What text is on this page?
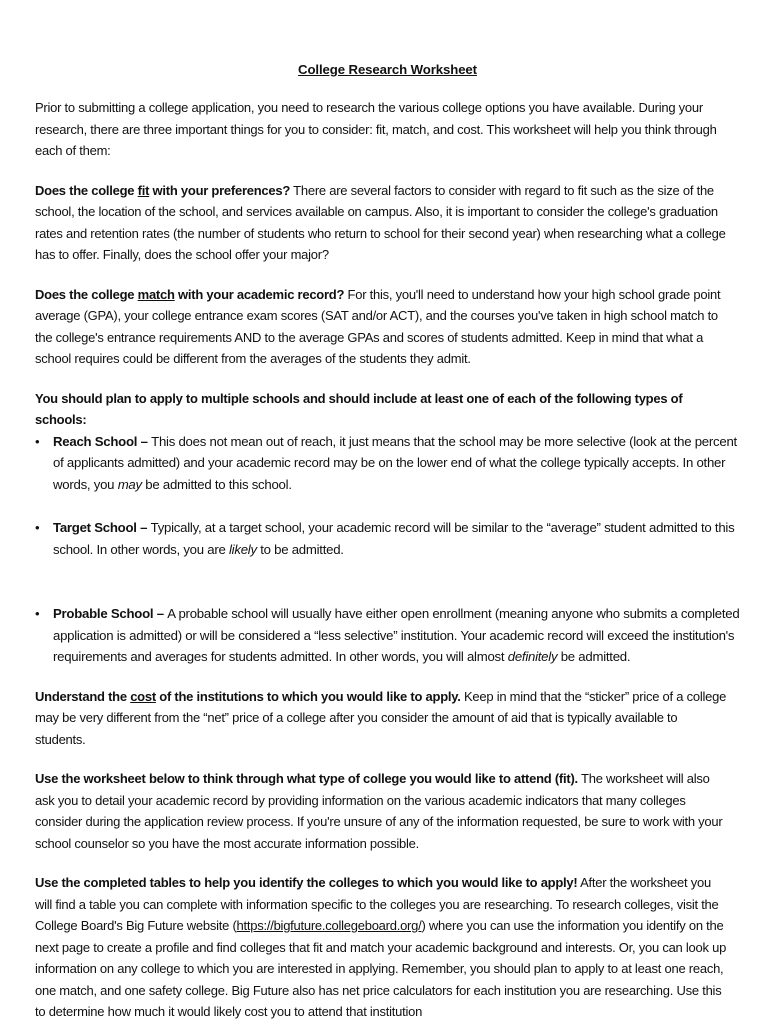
College Research Worksheet

Prior to submitting a college application, you need to research the various college options you have available. During your research, there are three important things for you to consider: fit, match, and cost. This worksheet will help you think through each of them:

Does the college fit with your preferences? There are several factors to consider with regard to fit such as the size of the school, the location of the school, and services available on campus. Also, it is important to consider the college's graduation rates and retention rates (the number of students who return to school for their second year) when researching what a college has to offer. Finally, does the school offer your major?

Does the college match with your academic record? For this, you'll need to understand how your high school grade point average (GPA), your college entrance exam scores (SAT and/or ACT), and the courses you've taken in high school match to the college's entrance requirements AND to the average GPAs and scores of students admitted. Keep in mind that what a school requires could be different from the averages of the students they admit.

You should plan to apply to multiple schools and should include at least one of each of the following types of schools:

• Reach School – This does not mean out of reach, it just means that the school may be more selective (look at the percent of applicants admitted) and your academic record may be on the lower end of what the college typically accepts. In other words, you may be admitted to this school.
• Target School – Typically, at a target school, your academic record will be similar to the “average” student admitted to this school. In other words, you are likely to be admitted.
• Probable School – A probable school will usually have either open enrollment (meaning anyone who submits a completed application is admitted) or will be considered a “less selective” institution. Your academic record will exceed the institution's requirements and averages for students admitted. In other words, you will almost definitely be admitted.

Understand the cost of the institutions to which you would like to apply. Keep in mind that the “sticker” price of a college may be very different from the “net” price of a college after you consider the amount of aid that is typically available to students.

Use the worksheet below to think through what type of college you would like to attend (fit). The worksheet will also ask you to detail your academic record by providing information on the various academic indicators that many colleges consider during the application review process. If you're unsure of any of the information requested, be sure to work with your school counselor so you have the most accurate information possible.

Use the completed tables to help you identify the colleges to which you would like to apply! After the worksheet you will find a table you can complete with information specific to the colleges you are researching. To research colleges, visit the College Board's Big Future website (https://bigfuture.collegeboard.org/) where you can use the information you identify on the next page to create a profile and find colleges that fit and match your academic background and interests. Or, you can look up information on any college to which you are interested in applying. Remember, you should plan to apply to at least one reach, one match, and one safety college. Big Future also has net price calculators for each institution you are researching. Use this to determine how much it would likely cost you to attend that institution
